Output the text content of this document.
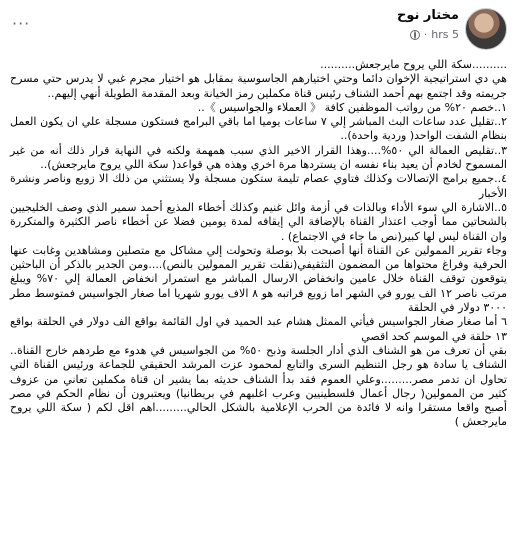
مختار نوح
5 hrs
·
···

..........سكة اللي يروح مايرجعش..........

هي دي استراتيجية الإخوان دائما وحتي اختيارهم الجاسوسية بمقابل هو اختيار مجرم غبي لا يدرس حتي مسرح جريمته وقد اجتمع بهم أحمد الشناف رئيس قناة مكملين رمز الخيانة وبعد المقدمة الطويلة أنهي إليهم..

١..خصم ٢٠% من رواتب الموظفين كافة 《 العملاء والجواسيس 》..

٢..تقليل عدد ساعات البث المباشر إلي ٧ ساعات يوميا اما باقي البرامج فستكون مسجلة علي ان يكون العمل بنظام الشفت الواحد( وردية واحدة)..

٣..تقليص العمالة الي ٥٠%....وهذا القرار الاخير الذي سبب همهمة ولكنه في النهاية قرار ذلك أنه من غير المسموح لخادم أن يعيد بناء نفسه ان يستردها مرة اخري وهذه هي قواعد( سكة اللي يروح مايرجعش)..

٤..جميع برامج الإتصالات وكذلك فتاوي عصام تليمة ستكون مسجلة ولا يستثني من ذلك الا زوبع وناصر ونشرة الأخبار

٥..الاشارة الي سوء الأداء وبالذات في أزمة وائل غنيم وكذلك أخطاء المذيع أحمد سمير الذي وصف الخليجيين بالشحاتين مما أوجب اعتذار القناة بالإضافة الي إيقافه لمدة يومين فضلا عن أخطاء ناصر الكثيرة والمتكررة وان القناة ليس لها كبير(نص ما جاء في الاجتماع) .

وجاء تقرير الممولين عن القناة أنها أصبحت بلا بوصلة وتحولت إلي مشاكل مع متصلين ومشاهدين وغابت عنها الحرفية وفراغ محتواها من المضمون التثقيفي(نقلت تقرير الممولين بالنص)....ومن الجدير بالذكر أن الباحثين يتوقعون توقف القناة خلال عامين وانخفاض الارسال المباشر مع استمرار انخفاض العمالة إلي ٧٠% ويبلغ مرتب ناصر ١٢ الف يورو في الشهر اما زوبع فراتبه هو ٨ الاف يورو شهريا اما صغار الجواسيس فمتوسط مطر ٣٠٠٠ دولار في الحلقة

٦ أما صغار صغار الجواسيس فيأتي الممثل هشام عبد الحميد في اول القائمة بواقع الف دولار في الحلقة بواقع ١٣ حلقة في الموسم كحد اقصي

بقي أن تعرف من هو الشناف الذي أدار الجلسة وذبح ٥٠% من الجواسيس في هدوء مع طردهم خارج القناة.. الشناف يا سادة هو رجل التنظيم السرى والتابع لمحمود عزت المرشد الحقيقي للجماعة ورئيس القناة التي تحاول ان تدمر مصر.........وعلي العموم فقد بدأ الشناف حديثه بما يشير ان قناة مكملين تعاني من عزوف كثير من الممولين( رجال أعمال فلسطينيين وعرب اغلبهم في بريطانيا) ويعتبرون أن نظام الحكم في مصر أصبح واقعا مستقرا وانه لا فائدة من الحرب الإعلامية بالشكل الحالي.........اهم اقل لكم ( سكة اللي يروح مايرجعش )
